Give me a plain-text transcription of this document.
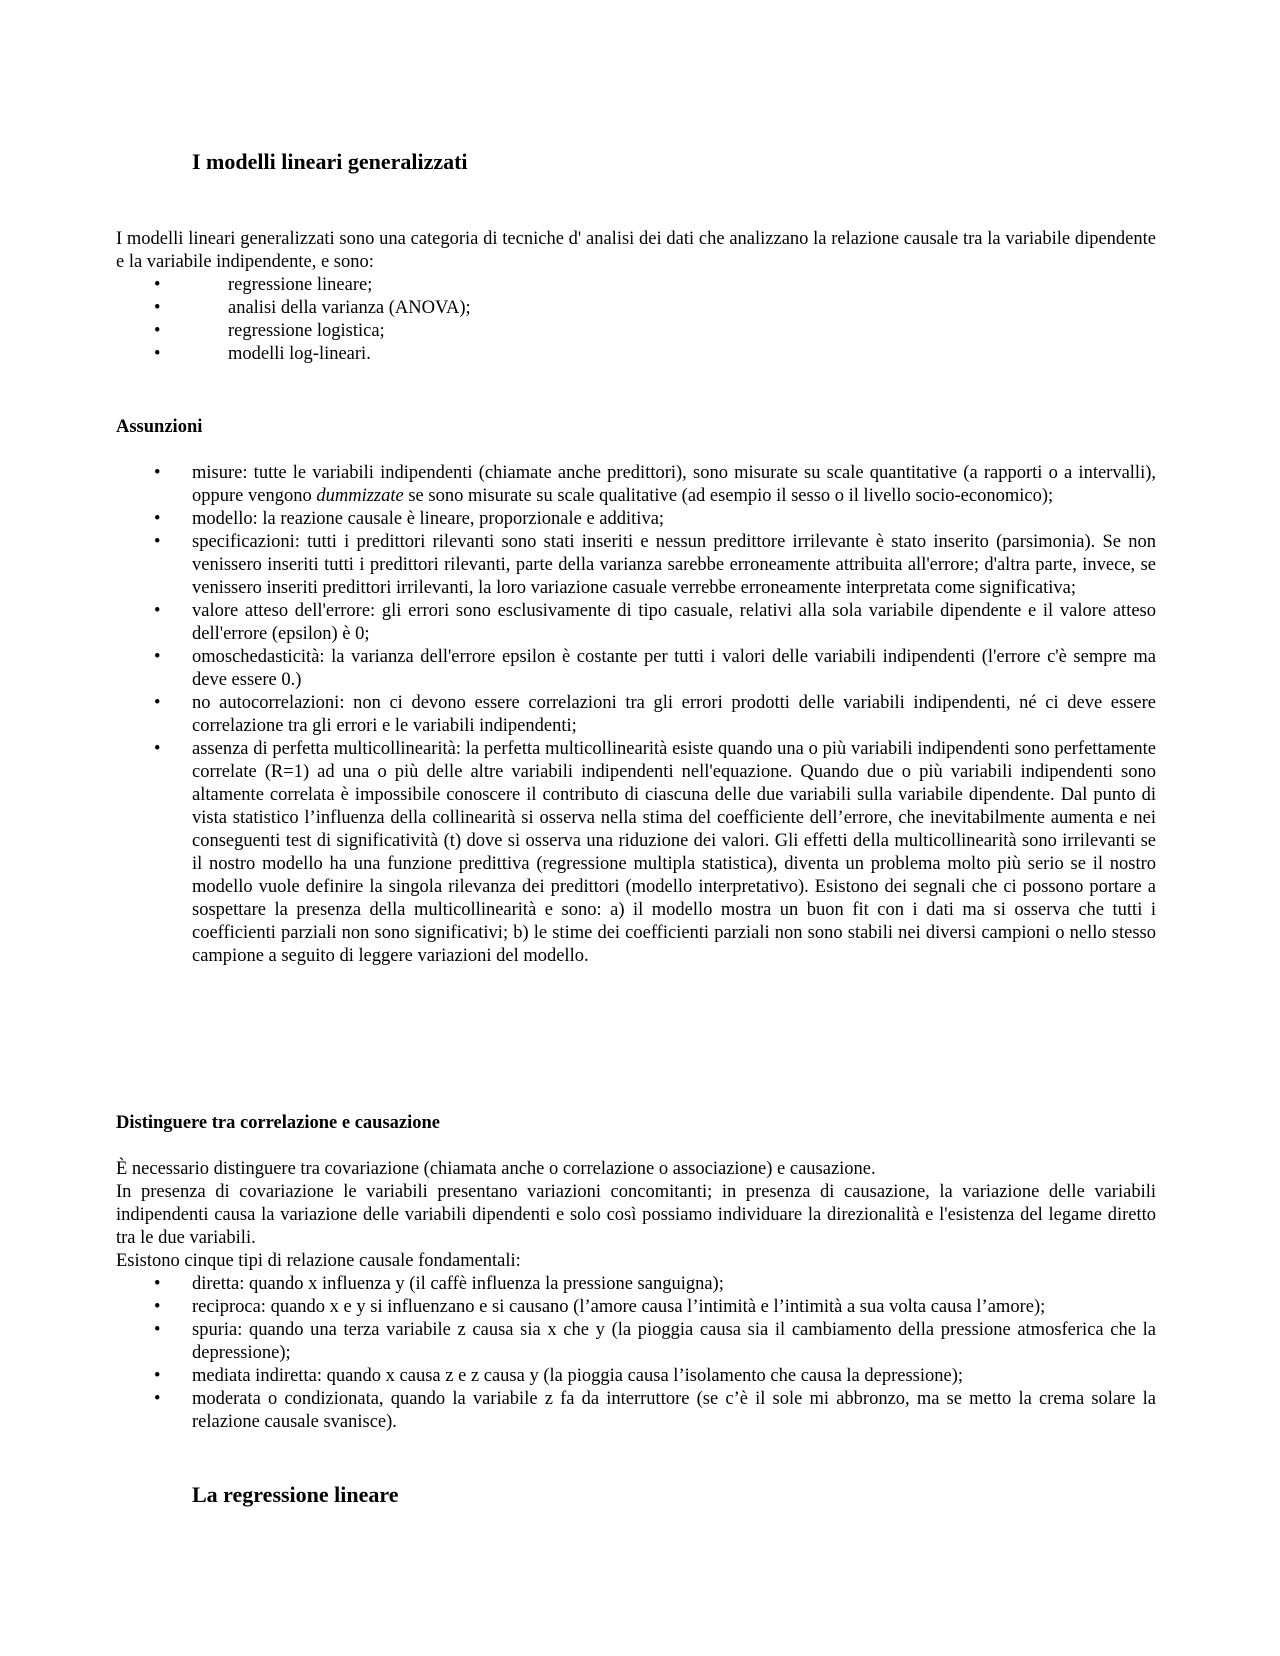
I modelli lineari generalizzati

I modelli lineari generalizzati sono una categoria di tecniche d' analisi dei dati che analizzano la relazione causale tra la variabile dipendente e la variabile indipendente, e sono:

•	regressione lineare;
•	analisi della varianza (ANOVA);
•	regressione logistica;
•	modelli log-lineari.
Assunzioni
• misure: tutte le variabili indipendenti (chiamate anche predittori), sono misurate su scale quantitative (a rapporti o a intervalli), oppure vengono dummizzate se sono misurate su scale qualitative (ad esempio il sesso o il livello socio-economico);
• modello: la reazione causale è lineare, proporzionale e additiva;
• specificazioni: tutti i predittori rilevanti sono stati inseriti e nessun predittore irrilevante è stato inserito (parsimonia). Se non venissero inseriti tutti i predittori rilevanti, parte della varianza sarebbe erroneamente attribuita all'errore; d'altra parte, invece, se venissero inseriti predittori irrilevanti, la loro variazione casuale verrebbe erroneamente interpretata come significativa;
• valore atteso dell'errore: gli errori sono esclusivamente di tipo casuale, relativi alla sola variabile dipendente e il valore atteso dell'errore (epsilon) è 0;
• omoschedasticità: la varianza dell'errore epsilon è costante per tutti i valori delle variabili indipendenti (l'errore c'è sempre ma deve essere 0.)
• no autocorrelazioni: non ci devono essere correlazioni tra gli errori prodotti delle variabili indipendenti, né ci deve essere correlazione tra gli errori e le variabili indipendenti;
• assenza di perfetta multicollinearità: la perfetta multicollinearità esiste quando una o più variabili indipendenti sono perfettamente correlate (R=1) ad una o più delle altre variabili indipendenti nell'equazione. Quando due o più variabili indipendenti sono altamente correlata è impossibile conoscere il contributo di ciascuna delle due variabili sulla variabile dipendente. Dal punto di vista statistico l’influenza della collinearità si osserva nella stima del coefficiente dell’errore, che inevitabilmente aumenta e nei conseguenti test di significatività (t) dove si osserva una riduzione dei valori. Gli effetti della multicollinearità sono irrilevanti se il nostro modello ha una funzione predittiva (regressione multipla statistica), diventa un problema molto più serio se il nostro modello vuole definire la singola rilevanza dei predittori (modello interpretativo). Esistono dei segnali che ci possono portare a sospettare la presenza della multicollinearità e sono: a) il modello mostra un buon fit con i dati ma si osserva che tutti i coefficienti parziali non sono significativi; b) le stime dei coefficienti parziali non sono stabili nei diversi campioni o nello stesso campione a seguito di leggere variazioni del modello.
Distinguere tra correlazione e causazione

È necessario distinguere tra covariazione (chiamata anche o correlazione o associazione) e causazione.

In presenza di covariazione le variabili presentano variazioni concomitanti; in presenza di causazione, la variazione delle variabili indipendenti causa la variazione delle variabili dipendenti e solo così possiamo individuare la direzionalità e l'esistenza del legame diretto tra le due variabili.

Esistono cinque tipi di relazione causale fondamentali:

• diretta: quando x influenza y (il caffè influenza la pressione sanguigna);
• reciproca: quando x e y si influenzano e si causano (l’amore causa l’intimità e l’intimità a sua volta causa l’amore);
• spuria: quando una terza variabile z causa sia x che y (la pioggia causa sia il cambiamento della pressione atmosferica che la depressione);
• mediata indiretta: quando x causa z e z causa y (la pioggia causa l’isolamento che causa la depressione);
• moderata o condizionata, quando la variabile z fa da interruttore (se c’è il sole mi abbronzo, ma se metto la crema solare la relazione causale svanisce).
La regressione lineare
